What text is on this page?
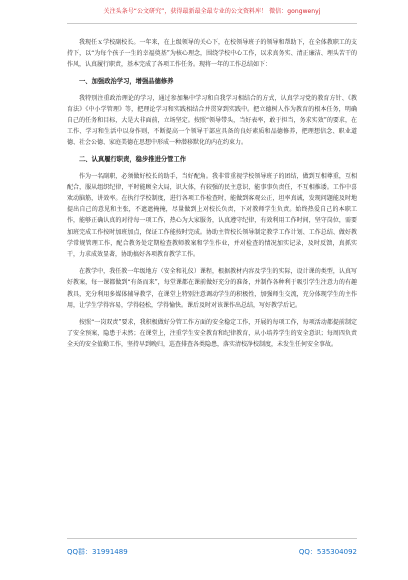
关注头条号“公文研究”，获得最新最全最专业的公文资料库！ 微信：gongwenyj

我现任ｘ学校副校长。一年来，在上级领导的关心下，在校领导班子的领导和帮助下，在全体教职工的支持下，以“为每个孩子一生的幸福奠基”为核心理念，围绕学校中心工作，以求真务实、清正廉洁、埋头苦干的作风，认真履行职责，基本完成了各项工作任务。现将一年的工作总结如下：

一、加强政治学习，增强品德修养

我特别注重政治理论的学习，通过参加集中学习和自我学习相结合的方式，认真学习党的教育方针、《教育法》《中小学管理》等，把理论学习和实践相结合并贯穿到实践中。把立德树人作为教育的根本任务，明确自己的任务和目标，大是大非面前，立场坚定。按照“领导带头，当好表率，敢于担当，务求实效”的要求，在工作、学习和生活中以身作则，不断提高一个领导干部应具备的良好素质和品德修养，把理想信念、职业道德、社会公德、家庭美德在思想中形成一种潜移默化的内在约束力。

二、认真履行职责，稳步推进分管工作

作为一名副职，必须做好校长的助手，当好配角。我非常重视学校领导班子的团结，做到互相尊重，互相配合，服从组织纪律，平时能顾全大局，识大体，有较强的民主意识，能事事负责任，不互相推诿。工作中喜欢动脑筋，讲效率。在执行学校制度，进行各项工作检查时，能做到客观公正，坦率真诚，发现问题能及时地提出自己的意见和主张，不遮遮掩掩，尽量做到上对校长负责，下对教师学生负责。始终热爱自己的本职工作，能够正确认真的对待每一项工作，热心为大家服务，认真遵守纪律，有效利用工作时间，坚守岗位，需要加班完成工作按时加班加点，保证工作能按时完成。协助主管校长领导制定教学工作计划、工作总结、做好教学常规管理工作，配合教务处定期检查教师教案和学生作业，并对检查的情况加实记录，及时反馈，真抓实干，力求成效显著，协助搞好各项教育教学工作。

在教学中，我任教一年级地方（安全和礼仪）课程，根据教材内容及学生的实际，设计课的类型，认真写好教案，每一课都做到“有备而来”，每堂课都在课前做好充分的准备，并制作各种利于吸引学生注意力的有趣教具，充分利用多媒体辅导教学，在课堂上特别注意调动学生的积极性，加强师生交流，充分体现学生的主作用，让学生学得容易，学得轻松，学得愉快。课后及时对该课作出总结，写好教学后记。

按照“一岗双责”要求，我积极做好分管工作方面的安全稳定工作，开展的每项工作，每项活动都提前制定了安全预案，隐患于未然；在课堂上，注重学生安全教育和纪律教育，从小培养学生的安全意识；每周四负责全天的安全值勤工作，坚持早到晚归，巡查排查各类隐患，落实清校净校制度，未发生任何安全事故。

QQ群：31991489	QQ：535304092
